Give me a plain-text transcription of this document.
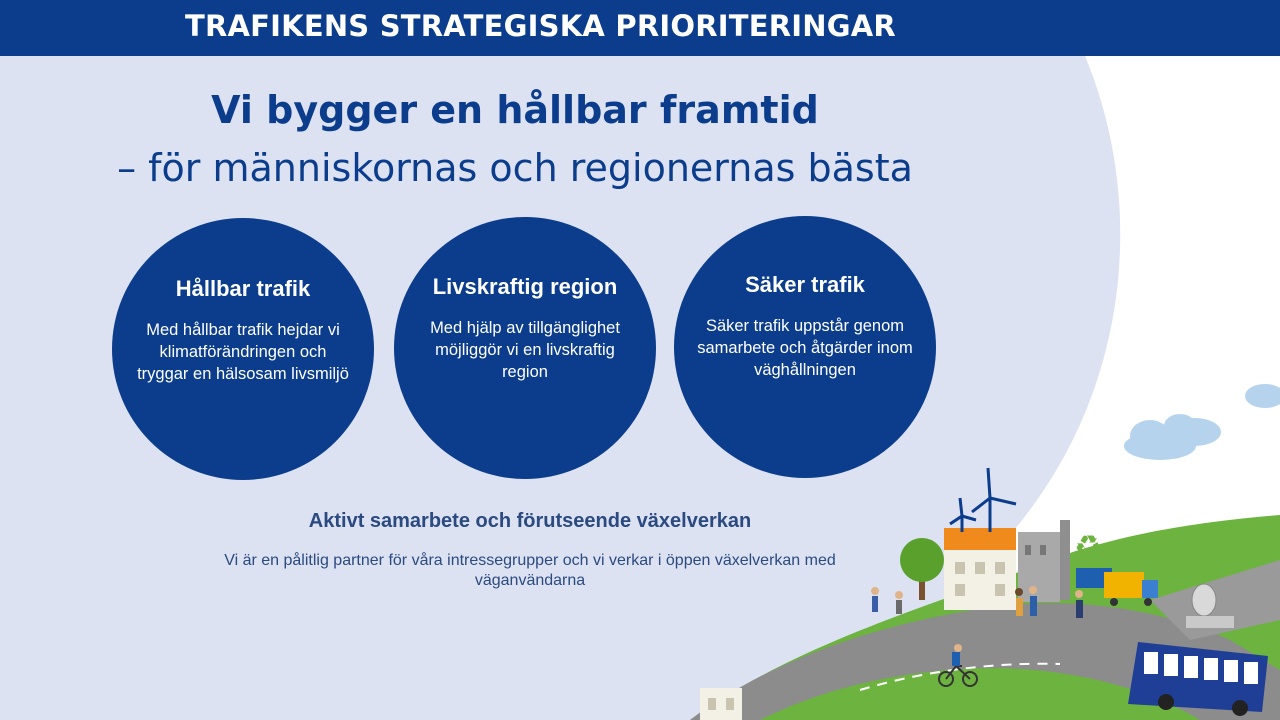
TRAFIKENS STRATEGISKA PRIORITERINGAR
Vi bygger en hållbar framtid
– för människornas och regionernas bästa
Hållbar trafik
Med hållbar trafik hejdar vi klimatförändringen och tryggar en hälsosam livsmiljö
Livskraftig region
Med hjälp av tillgänglighet möjliggör vi en livskraftig region
Säker trafik
Säker trafik uppstår genom samarbete och åtgärder inom väghållningen
Aktivt samarbete och förutseende växelverkan
Vi är en pålitlig partner för våra intressegrupper och vi verkar i öppen växelverkan med väganvändarna
♻
